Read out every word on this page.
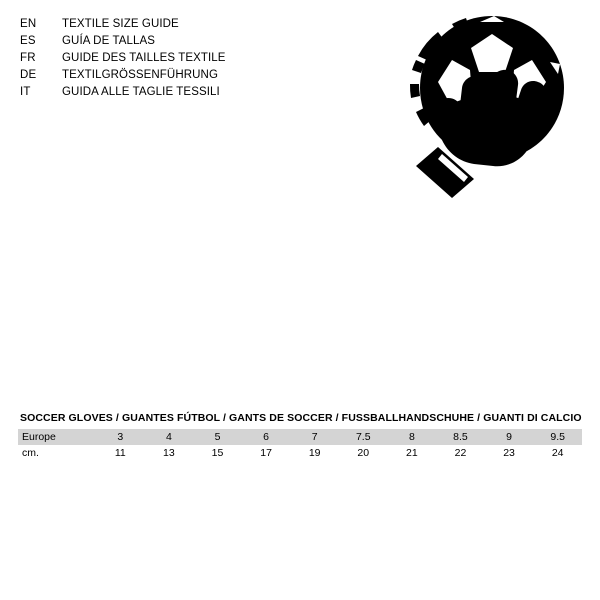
EN	TEXTILE SIZE GUIDE
ES	GUÍA DE TALLAS
FR	GUIDE DES TAILLES TEXTILE
DE	TEXTILGRÖSSENFÜHRUNG
IT	GUIDA ALLE TAGLIE TESSILI
SOCCER GLOVES / GUANTES FÚTBOL / GANTS DE SOCCER / FUSSBALLHANDSCHUHE / GUANTI DI CALCIO
Europe	3	4	5	6	7	7.5	8	8.5	9	9.5
cm.	11	13	15	17	19	20	21	22	23	24
